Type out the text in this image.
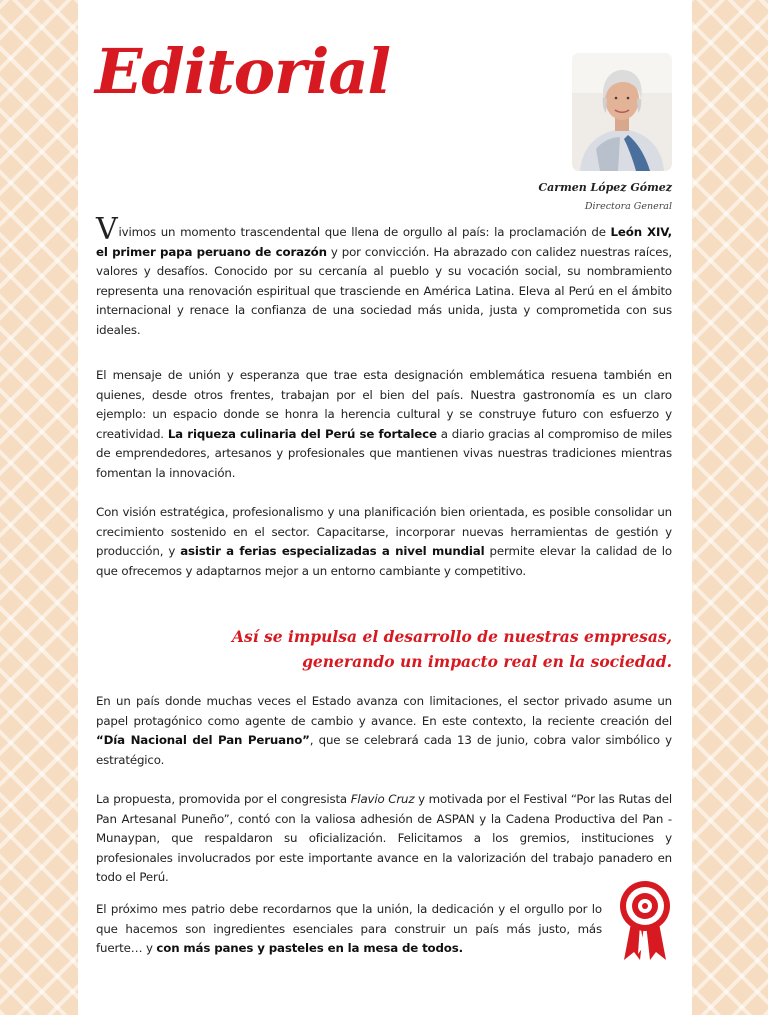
Editorial
Carmen López Gómez
Directora General

Vivimos un momento trascendental que llena de orgullo al país: la proclamación de León XIV, el primer papa peruano de corazón y por convicción. Ha abrazado con calidez nuestras raíces, valores y desafíos. Conocido por su cercanía al pueblo y su vocación social, su nombramiento representa una renovación espiritual que trasciende en América Latina. Eleva al Perú en el ámbito internacional y renace la confianza de una sociedad más unida, justa y comprometida con sus ideales.

El mensaje de unión y esperanza que trae esta designación emblemática resuena también en quienes, desde otros frentes, trabajan por el bien del país. Nuestra gastronomía es un claro ejemplo: un espacio donde se honra la herencia cultural y se construye futuro con esfuerzo y creatividad. La riqueza culinaria del Perú se fortalece a diario gracias al compromiso de miles de emprendedores, artesanos y profesionales que mantienen vivas nuestras tradiciones mientras fomentan la innovación.

Con visión estratégica, profesionalismo y una planificación bien orientada, es posible consolidar un crecimiento sostenido en el sector. Capacitarse, incorporar nuevas herramientas de gestión y producción, y asistir a ferias especializadas a nivel mundial permite elevar la calidad de lo que ofrecemos y adaptarnos mejor a un entorno cambiante y competitivo.

Así se impulsa el desarrollo de nuestras empresas,
generando un impacto real en la sociedad.

En un país donde muchas veces el Estado avanza con limitaciones, el sector privado asume un papel protagónico como agente de cambio y avance. En este contexto, la reciente creación del “Día Nacional del Pan Peruano”, que se celebrará cada 13 de junio, cobra valor simbólico y estratégico.

La propuesta, promovida por el congresista Flavio Cruz y motivada por el Festival “Por las Rutas del Pan Artesanal Puneño”, contó con la valiosa adhesión de ASPAN y la Cadena Productiva del Pan - Munaypan, que respaldaron su oficialización. Felicitamos a los gremios, instituciones y profesionales involucrados por este importante avance en la valorización del trabajo panadero en todo el Perú.

El próximo mes patrio debe recordarnos que la unión, la dedicación y el orgullo por lo que hacemos son ingredientes esenciales para construir un país más justo, más fuerte… y con más panes y pasteles en la mesa de todos.
